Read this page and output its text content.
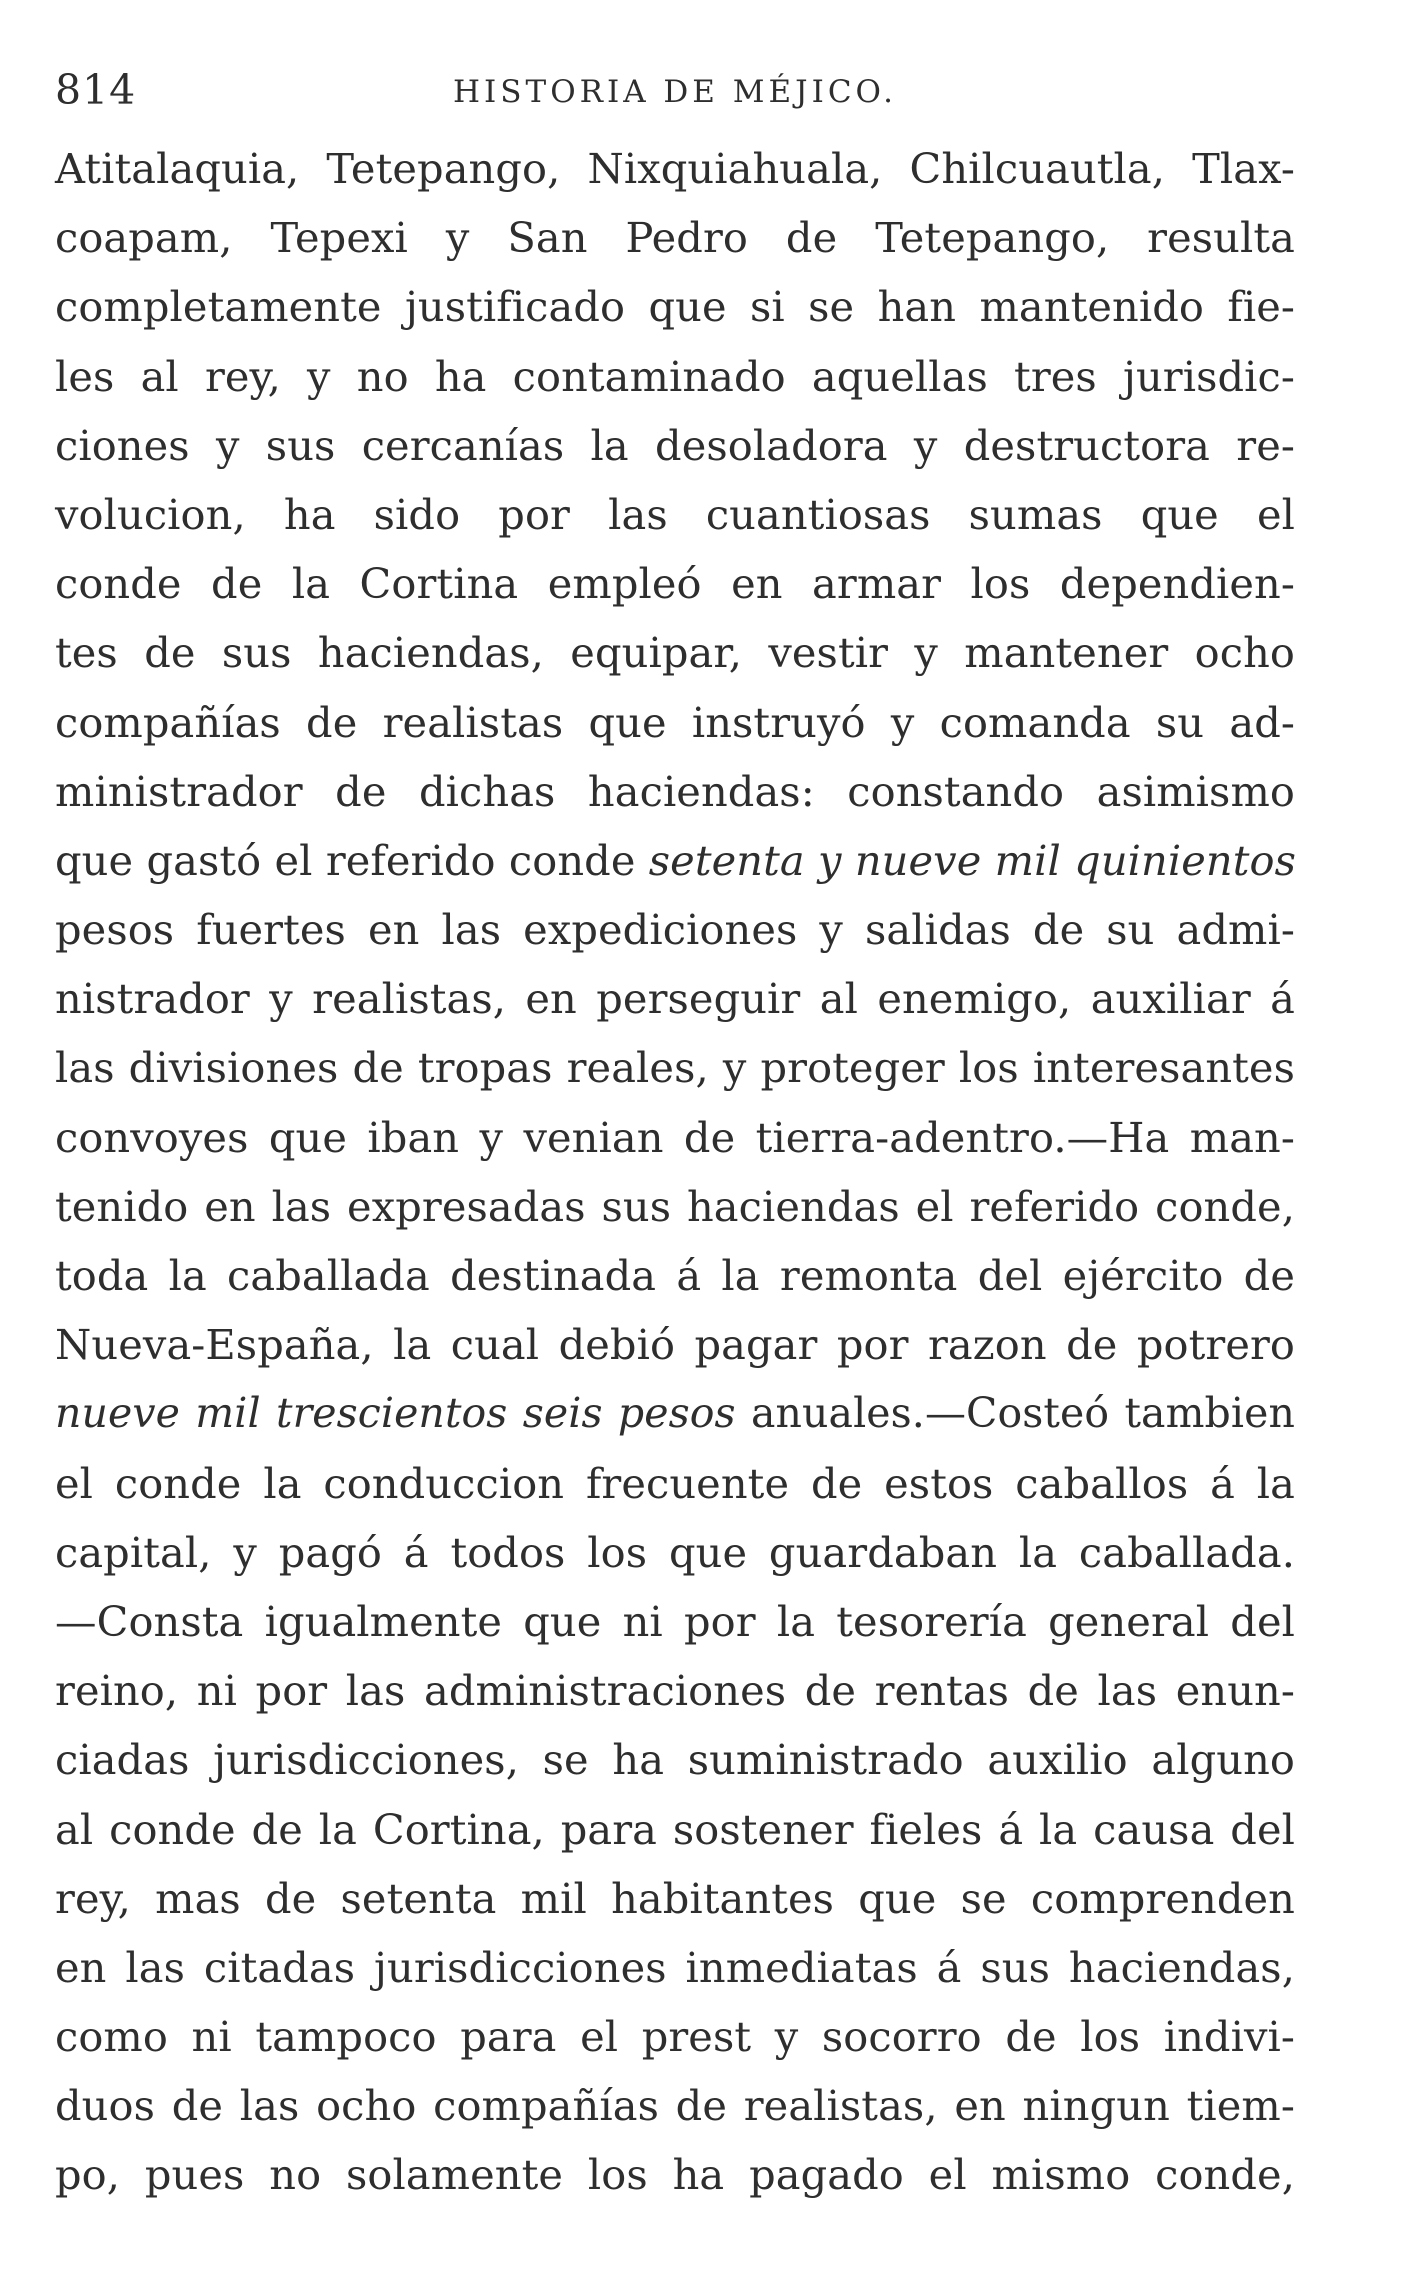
814	HISTORIA DE MÉJICO.
Atitalaquia, Tetepango, Nixquiahuala, Chilcuautla, Tlax-
coapam, Tepexi y San Pedro de Tetepango, resulta
completamente justificado que si se han mantenido fie-
les al rey, y no ha contaminado aquellas tres jurisdic-
ciones y sus cercanías la desoladora y destructora re-
volucion, ha sido por las cuantiosas sumas que el
conde de la Cortina empleó en armar los dependien-
tes de sus haciendas, equipar, vestir y mantener ocho
compañías de realistas que instruyó y comanda su ad-
ministrador de dichas haciendas: constando asimismo
que gastó el referido conde setenta y nueve mil quinientos
pesos fuertes en las expediciones y salidas de su admi-
nistrador y realistas, en perseguir al enemigo, auxiliar á
las divisiones de tropas reales, y proteger los interesantes
convoyes que iban y venian de tierra-adentro.—Ha man-
tenido en las expresadas sus haciendas el referido conde,
toda la caballada destinada á la remonta del ejército de
Nueva-España, la cual debió pagar por razon de potrero
nueve mil trescientos seis pesos anuales.—Costeó tambien
el conde la conduccion frecuente de estos caballos á la
capital, y pagó á todos los que guardaban la caballada.
—Consta igualmente que ni por la tesorería general del
reino, ni por las administraciones de rentas de las enun-
ciadas jurisdicciones, se ha suministrado auxilio alguno
al conde de la Cortina, para sostener fieles á la causa del
rey, mas de setenta mil habitantes que se comprenden
en las citadas jurisdicciones inmediatas á sus haciendas,
como ni tampoco para el prest y socorro de los indivi-
duos de las ocho compañías de realistas, en ningun tiem-
po, pues no solamente los ha pagado el mismo conde,
